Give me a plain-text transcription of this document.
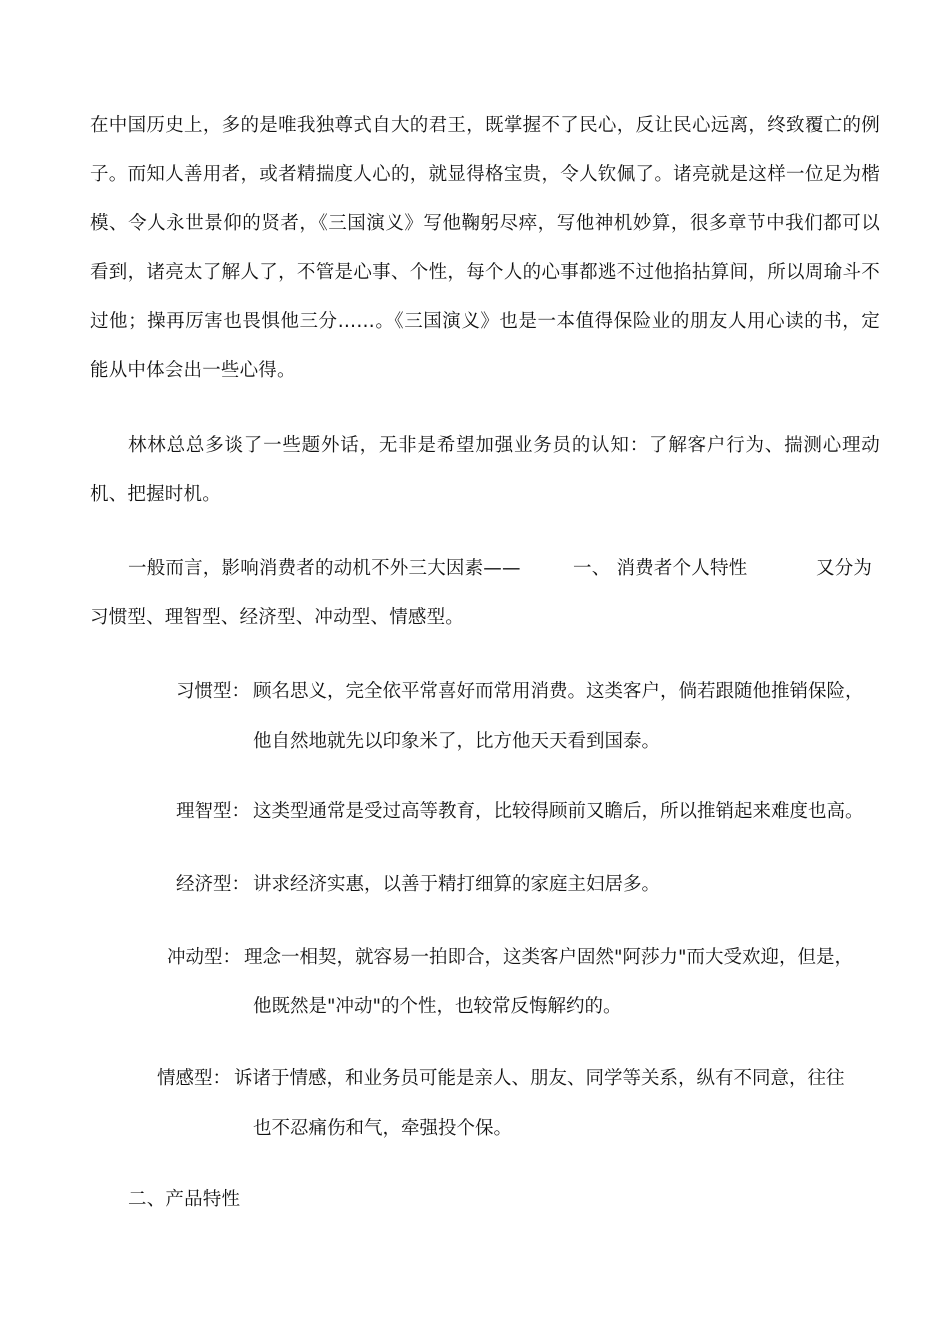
在中国历史上，多的是唯我独尊式自大的君王，既掌握不了民心，反让民心远离，终致覆亡的例子。而知人善用者，或者精揣度人心的，就显得格宝贵，令人钦佩了。诸亮就是这样一位足为楷模、令人永世景仰的贤者，《三国演义》写他鞠躬尽瘁，写他神机妙算，很多章节中我们都可以看到，诸亮太了解人了，不管是心事、个性，每个人的心事都逃不过他掐拈算间，所以周瑜斗不过他；操再厉害也畏惧他三分……。《三国演义》也是一本值得保险业的朋友人用心读的书，定能从中体会出一些心得。

林林总总多谈了一些题外话，无非是希望加强业务员的认知：了解客户行为、揣测心理动机、把握时机。

一般而言，影响消费者的动机不外三大因素——	一、 消费者个人特性	又分为
习惯型、理智型、经济型、冲动型、情感型。
习惯型： 顾名思义，完全依平常喜好而常用消费。这类客户，倘若跟随他推销保险，
他自然地就先以印象米了，比方他天天看到国泰。
理智型： 这类型通常是受过高等教育，比较得顾前又瞻后，所以推销起来难度也高。
经济型： 讲求经济实惠，以善于精打细算的家庭主妇居多。
冲动型： 理念一相契，就容易一拍即合，这类客户固然"阿莎力"而大受欢迎，但是，
他既然是"冲动"的个性，也较常反悔解约的。
情感型： 诉诸于情感，和业务员可能是亲人、朋友、同学等关系，纵有不同意，往往
也不忍痛伤和气，牵强投个保。
二、产品特性
